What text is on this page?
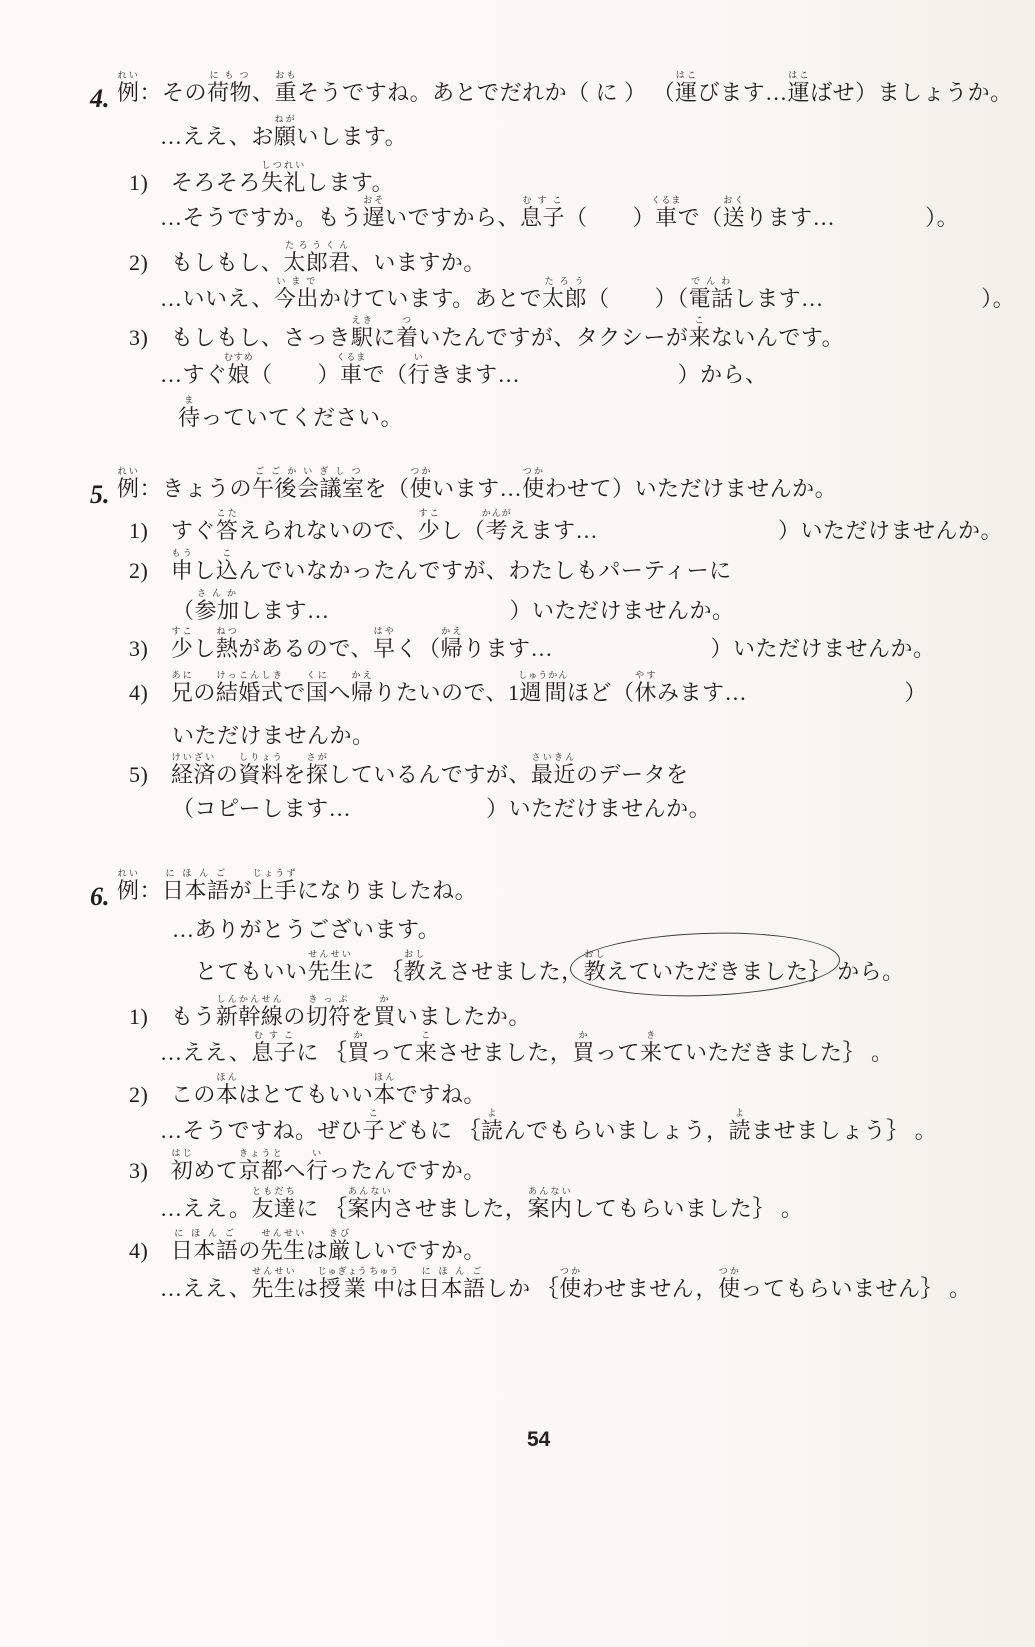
4. 例れい：その荷物にもつ、重おもそうですね。あとでだれか（ に ） （運はこびます…運はこばせ）ましょうか。
…ええ、お願ねがいします。
1)　そろそろ失礼しつれいします。
…そうですか。もう遅おそいですから、息子むすこ（　　）車くるまで（送おくります…　　　　）。
2)　もしもし、太郎君たろうくん、いますか。
…いいえ、今出いまでかけています。あとで太郎たろう（　　）（電話でんわします…　　　　　　　）。
3)　もしもし、さっき駅えきに着ついたんですが、タクシーが来こないんです。
…すぐ娘むすめ（　　）車くるまで（行いきます…　　　　　　　）から、
待まっていてください。
5. 例れい：きょうの午後会議室ごごかいぎしつを（使つかいます…使つかわせて）いただけませんか。
1)　すぐ答こたえられないので、少すこし（考かんがえます…　　　　　　　　）いただけませんか。
2)　申もうし込こんでいなかったんですが、わたしもパーティーに
（参加さんかします…　　　　　　　　）いただけませんか。
3)　少すこし熱ねつがあるので、早はやく（帰かえります…　　　　　　　）いただけませんか。
4)　兄あにの結婚式けっこんしきで国くにへ帰かえりたいので、1週間しゅうかんほど（休やすみます…　　　　　　　）
いただけませんか。
5)　経済けいざいの資料しりょうを探さがしているんですが、最近さいきんのデータを
（コピーします…　　　　　　）いただけませんか。
6. 例れい：日本語にほんごが上手じょうずになりましたね。
…ありがとうございます。
とてもいい先生せんせいに ｛教おしえさせました，教おしえていただきました｝ から。
1)　もう新幹線しんかんせんの切符きっぷを買かいましたか。
…ええ、息子むすこに ｛買かって来こさせました，買かって来きていただきました｝ 。
2)　この本ほんはとてもいい本ほんですね。
…そうですね。ぜひ子こどもに ｛読よんでもらいましょう，読よませましょう｝ 。
3)　初はじめて京都きょうとへ行いったんですか。
…ええ。友達ともだちに ｛案内あんないさせました，案内あんないしてもらいました｝ 。
4)　日本語にほんごの先生せんせいは厳きびしいですか。
…ええ、先生せんせいは授業じゅぎょう 中ちゅうは日本語にほんごしか ｛使つかわせません，使つかってもらいません｝ 。
54
